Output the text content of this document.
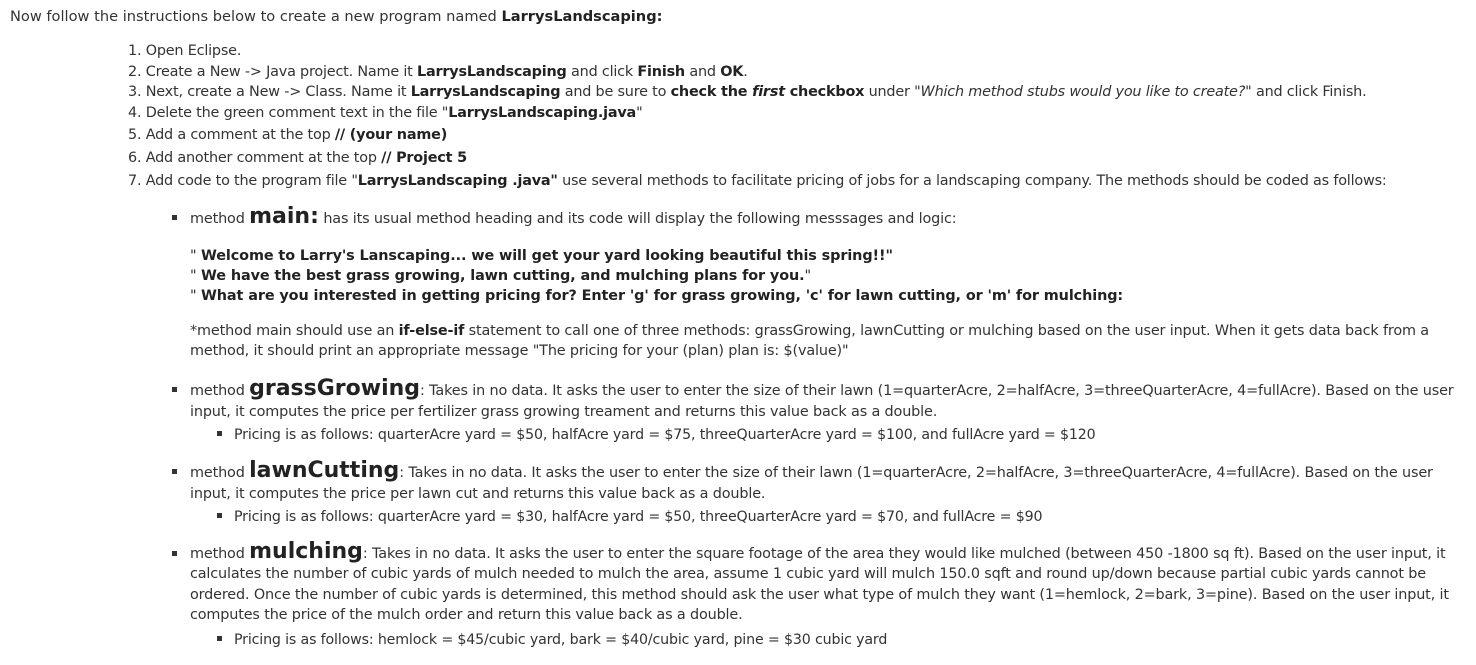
Now follow the instructions below to create a new program named LarrysLandscaping:
1. Open Eclipse.
2. Create a New -> Java project. Name it LarrysLandscaping and click Finish and OK.
3. Next, create a New -> Class. Name it LarrysLandscaping and be sure to check the first checkbox under "Which method stubs would you like to create?" and click Finish.
4. Delete the green comment text in the file "LarrysLandscaping.java"
5. Add a comment at the top // (your name)
6. Add another comment at the top // Project 5
7. Add code to the program file "LarrysLandscaping .java" use several methods to facilitate pricing of jobs for a landscaping company. The methods should be coded as follows:
method main: has its usual method heading and its code will display the following messsages and logic:
" Welcome to Larry's Lanscaping... we will get your yard looking beautiful this spring!!"
" We have the best grass growing, lawn cutting, and mulching plans for you."
" What are you interested in getting pricing for? Enter 'g' for grass growing, 'c' for lawn cutting, or 'm' for mulching:
*method main should use an if-else-if statement to call one of three methods: grassGrowing, lawnCutting or mulching based on the user input. When it gets data back from a method, it should print an appropriate message "The pricing for your (plan) plan is: $(value)"
method grassGrowing: Takes in no data. It asks the user to enter the size of their lawn (1=quarterAcre, 2=halfAcre, 3=threeQuarterAcre, 4=fullAcre). Based on the user input, it computes the price per fertilizer grass growing treament and returns this value back as a double.
Pricing is as follows: quarterAcre yard = $50, halfAcre yard = $75, threeQuarterAcre yard = $100, and fullAcre yard = $120
method lawnCutting: Takes in no data. It asks the user to enter the size of their lawn (1=quarterAcre, 2=halfAcre, 3=threeQuarterAcre, 4=fullAcre). Based on the user input, it computes the price per lawn cut and returns this value back as a double.
Pricing is as follows: quarterAcre yard = $30, halfAcre yard = $50, threeQuarterAcre yard = $70, and fullAcre = $90
method mulching: Takes in no data. It asks the user to enter the square footage of the area they would like mulched (between 450 -1800 sq ft). Based on the user input, it calculates the number of cubic yards of mulch needed to mulch the area, assume 1 cubic yard will mulch 150.0 sqft and round up/down because partial cubic yards cannot be ordered. Once the number of cubic yards is determined, this method should ask the user what type of mulch they want (1=hemlock, 2=bark, 3=pine). Based on the user input, it computes the price of the mulch order and return this value back as a double.
Pricing is as follows: hemlock = $45/cubic yard, bark = $40/cubic yard, pine = $30 cubic yard
